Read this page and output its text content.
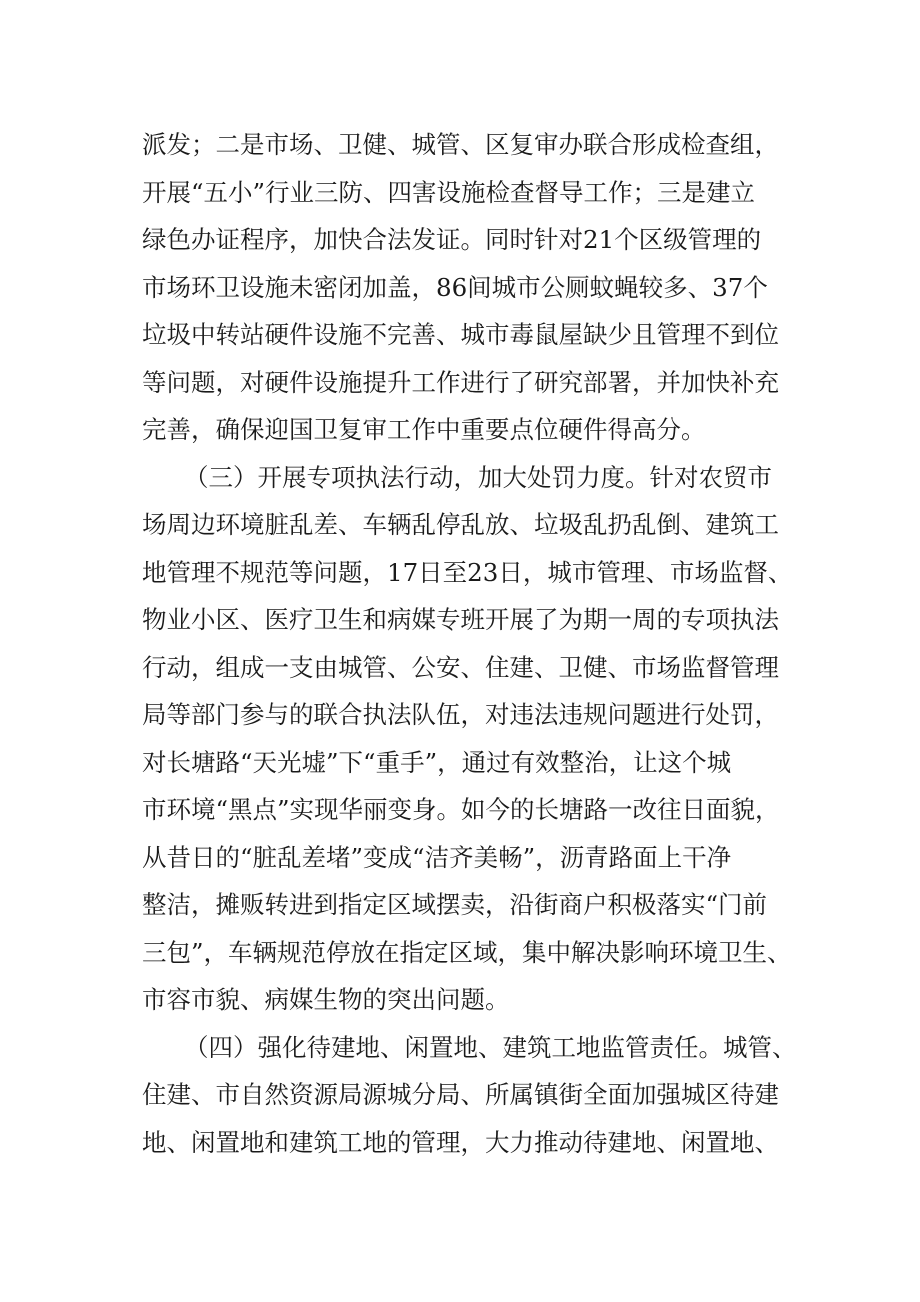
派发；二是市场、卫健、城管、区复审办联合形成检查组，
开展“五小”行业三防、四害设施检查督导工作；三是建立
绿色办证程序，加快合法发证。同时针对21个区级管理的
市场环卫设施未密闭加盖，86间城市公厕蚊蝇较多、37个
垃圾中转站硬件设施不完善、城市毒鼠屋缺少且管理不到位
等问题，对硬件设施提升工作进行了研究部署，并加快补充
完善，确保迎国卫复审工作中重要点位硬件得高分。
（三）开展专项执法行动，加大处罚力度。针对农贸市
场周边环境脏乱差、车辆乱停乱放、垃圾乱扔乱倒、建筑工
地管理不规范等问题，17日至23日，城市管理、市场监督、
物业小区、医疗卫生和病媒专班开展了为期一周的专项执法
行动，组成一支由城管、公安、住建、卫健、市场监督管理
局等部门参与的联合执法队伍，对违法违规问题进行处罚，
对长塘路“天光墟”下“重手”，通过有效整治，让这个城
市环境“黑点”实现华丽变身。如今的长塘路一改往日面貌，
从昔日的“脏乱差堵”变成“洁齐美畅”，沥青路面上干净
整洁，摊贩转进到指定区域摆卖，沿街商户积极落实“门前
三包”，车辆规范停放在指定区域，集中解决影响环境卫生、
市容市貌、病媒生物的突出问题。
（四）强化待建地、闲置地、建筑工地监管责任。城管、
住建、市自然资源局源城分局、所属镇街全面加强城区待建
地、闲置地和建筑工地的管理，大力推动待建地、闲置地、
